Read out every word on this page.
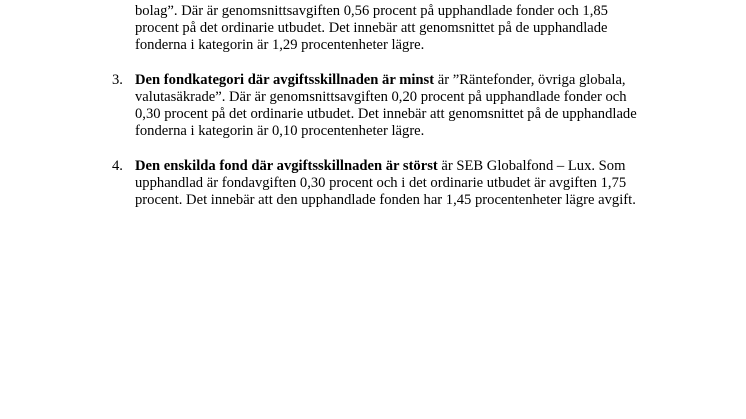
bolag”. Där är genomsnittsavgiften 0,56 procent på upphandlade fonder och 1,85
procent på det ordinarie utbudet. Det innebär att genomsnittet på de upphandlade
fonderna i kategorin är 1,29 procentenheter lägre.
3. Den fondkategori där avgiftsskillnaden är minst är ”Räntefonder, övriga globala,
valutasäkrade”. Där är genomsnittsavgiften 0,20 procent på upphandlade fonder och
0,30 procent på det ordinarie utbudet. Det innebär att genomsnittet på de upphandlade
fonderna i kategorin är 0,10 procentenheter lägre.
4. Den enskilda fond där avgiftsskillnaden är störst är SEB Globalfond – Lux. Som
upphandlad är fondavgiften 0,30 procent och i det ordinarie utbudet är avgiften 1,75
procent. Det innebär att den upphandlade fonden har 1,45 procentenheter lägre avgift.
